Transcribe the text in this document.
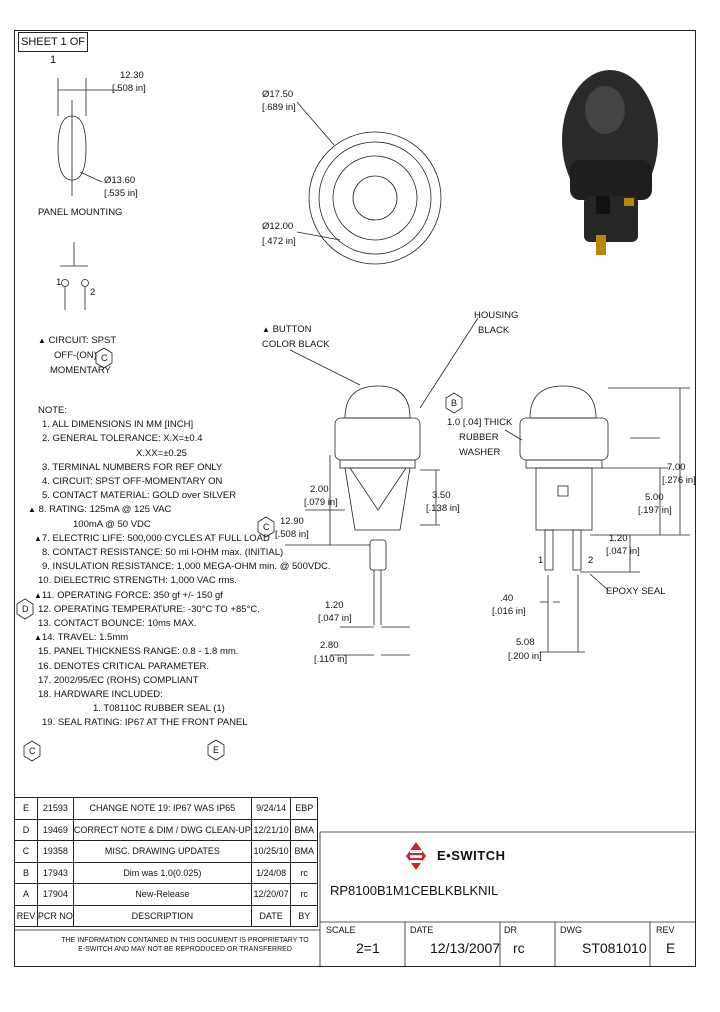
SHEET 1 OF 1
12.30
[.508 in]
Ø13.60
[.535 in]
PANEL MOUNTING
1
2
▲ CIRCUIT: SPST
OFF-(ON)
MOMENTARY
C
Ø17.50
[.689 in]
Ø12.00
[.472 in]
▲ BUTTON
COLOR BLACK
HOUSING
BLACK
2.00
[.079 in]
12.90
[.508 in]
C
3.50
[.138 in]
1.20
[.047 in]
2.80
[.110 in]
B
1.0 [.04] THICK
RUBBER
WASHER
7.00
[.276 in]
5.00
[.197 in]
1.20
[.047 in]
1	2
EPOXY SEAL
.40
[.016 in]
5.08
[.200 in]
NOTE:
1. ALL DIMENSIONS IN MM [INCH]
2. GENERAL TOLERANCE: X.X=±0.4
X.XX=±0.25
3. TERMINAL NUMBERS FOR REF ONLY
4. CIRCUIT: SPST OFF-MOMENTARY ON
5. CONTACT MATERIAL: GOLD over SILVER
▲ 8. RATING: 125mA @ 125 VAC
100mA @ 50 VDC
▲7. ELECTRIC LIFE: 500,000 CYCLES AT FULL LOAD
8. CONTACT RESISTANCE: 50 mi l-OHM max. (INITIAL)
9. INSULATION RESISTANCE: 1,000 MEGA-OHM min. @ 500VDC.
10. DIELECTRIC STRENGTH: 1,000 VAC rms.
▲11. OPERATING FORCE: 350 gf +/- 150 gf
12. OPERATING TEMPERATURE: -30°C TO +85°C.
13. CONTACT BOUNCE: 10ms MAX.
▲14. TRAVEL: 1.5mm
15. PANEL THICKNESS RANGE: 0.8 - 1.8 mm.
16. DENOTES CRITICAL PARAMETER.
17. 2002/95/EC (ROHS) COMPLIANT
18. HARDWARE INCLUDED:
1. T08110C RUBBER SEAL (1)
19. SEAL RATING: IP67 AT THE FRONT PANEL
D
C	E
E	21593	CHANGE NOTE 19: IP67 WAS IP65	9/24/14	EBP
D	19469	CORRECT NOTE & DIM / DWG CLEAN-UP	12/21/10	BMA
C	19358	MISC. DRAWING UPDATES	10/25/10	BMA
B	17943	Dim was 1.0(0.025)	1/24/08	rc
A	17904	New-Release	12/20/07	rc
REV	PCR NO	DESCRIPTION	DATE	BY
E•SWITCH
RP8100B1M1CEBLKBLKNIL
THE INFORMATION CONTAINED IN THIS DOCUMENT IS PROPRIETARY TO E-SWITCH AND MAY NOT BE REPRODUCED OR TRANSFERRED
SCALE
2=1
DATE
12/13/2007
DR
rc
DWG
ST081010
REV
E
